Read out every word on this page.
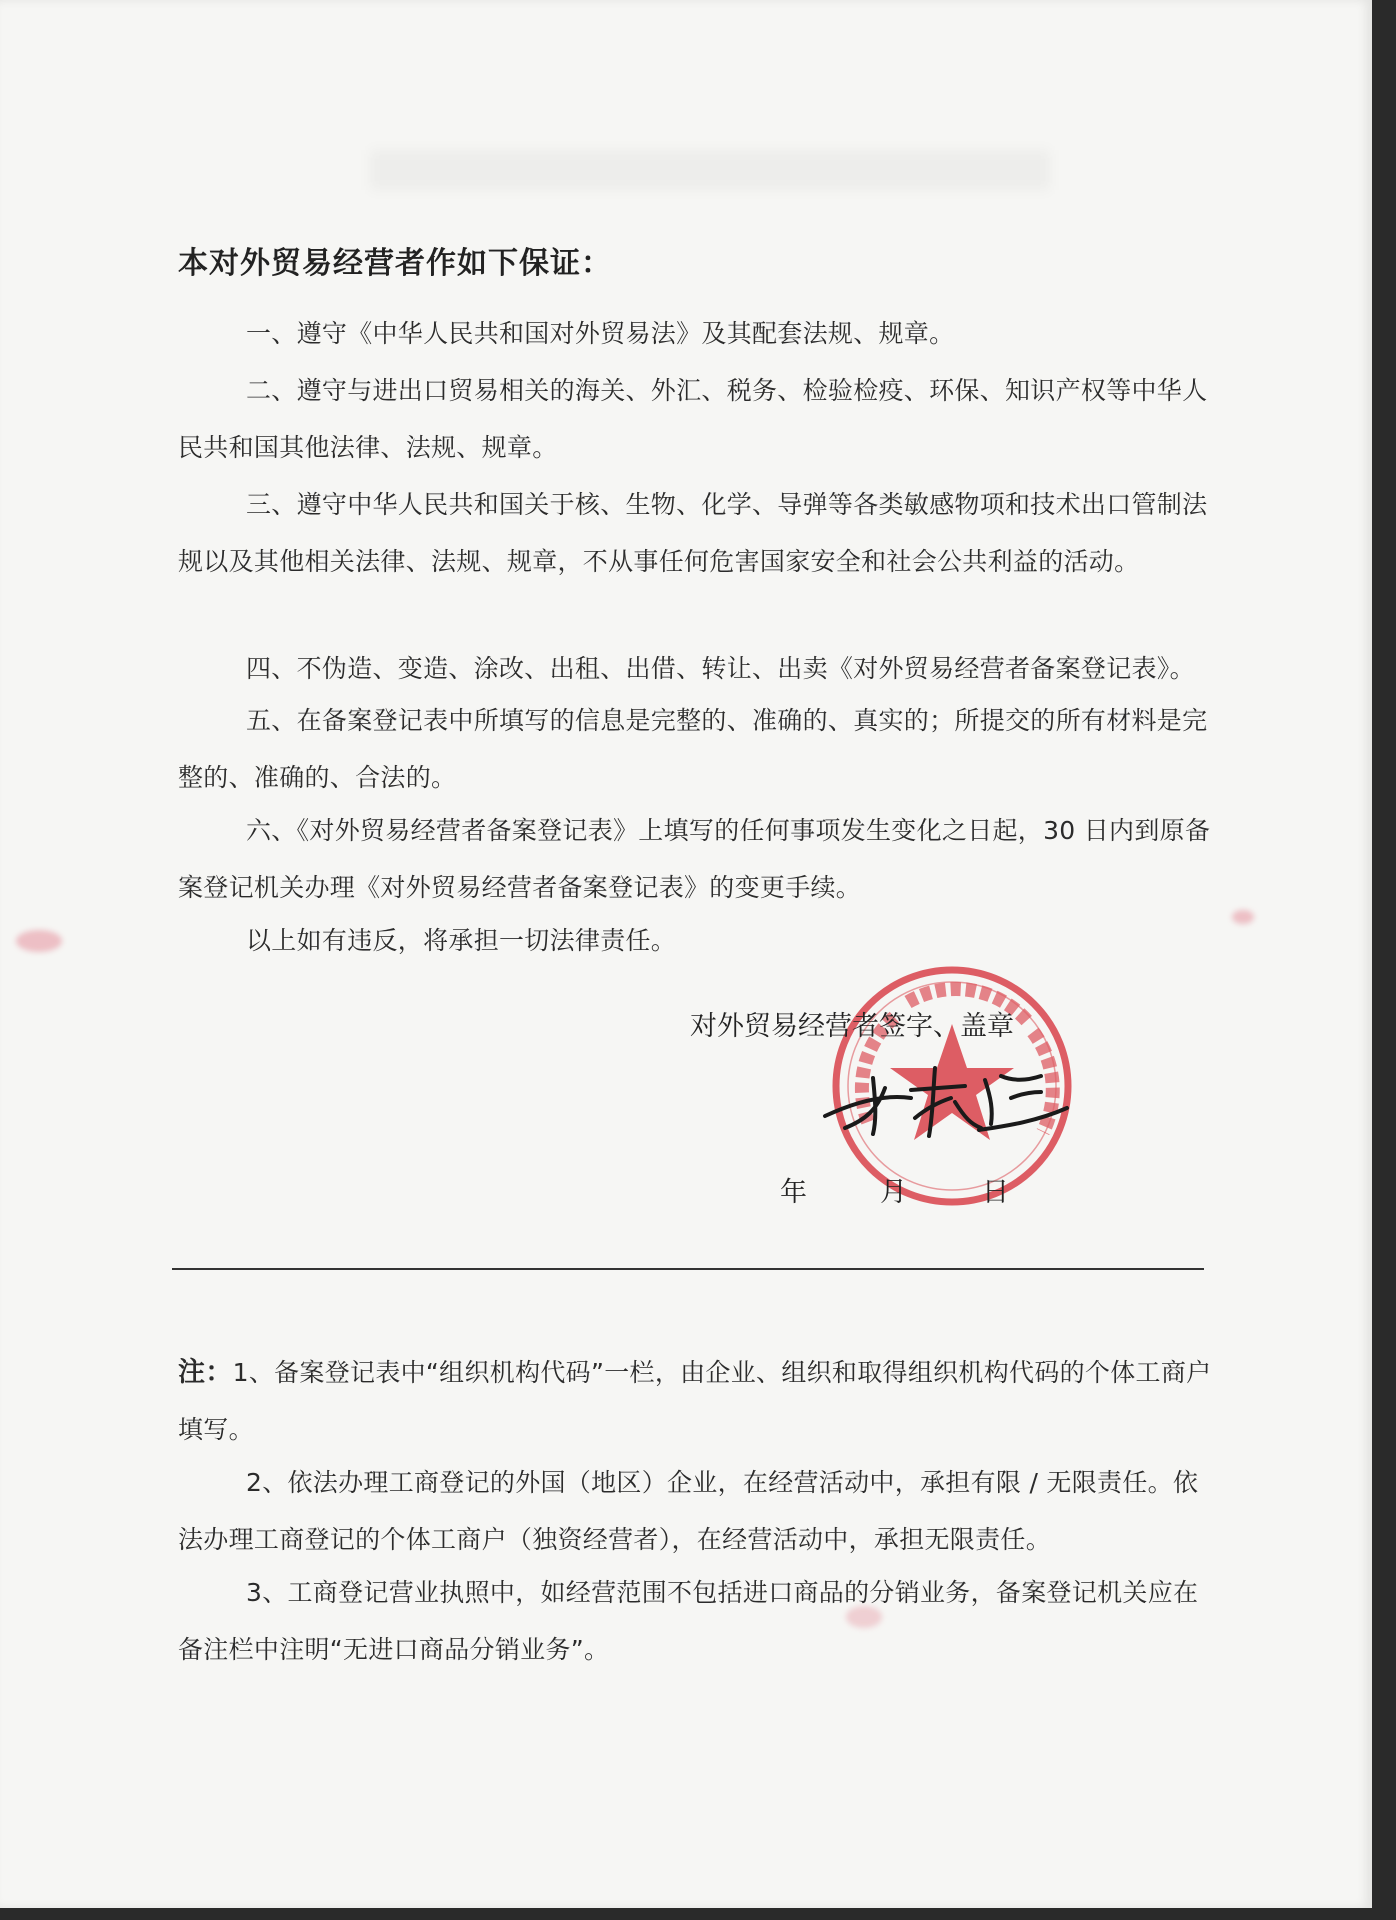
本对外贸易经营者作如下保证：

一、遵守《中华人民共和国对外贸易法》及其配套法规、规章。

二、遵守与进出口贸易相关的海关、外汇、税务、检验检疫、环保、知识产权等中华人民共和国其他法律、法规、规章。

三、遵守中华人民共和国关于核、生物、化学、导弹等各类敏感物项和技术出口管制法规以及其他相关法律、法规、规章，不从事任何危害国家安全和社会公共利益的活动。

四、不伪造、变造、涂改、出租、出借、转让、出卖《对外贸易经营者备案登记表》。

五、在备案登记表中所填写的信息是完整的、准确的、真实的；所提交的所有材料是完整的、准确的、合法的。

六、《对外贸易经营者备案登记表》上填写的任何事项发生变化之日起，30 日内到原备案登记机关办理《对外贸易经营者备案登记表》的变更手续。

以上如有违反，将承担一切法律责任。

对外贸易经营者签字、盖章

年	月	日

注：1、备案登记表中“组织机构代码”一栏，由企业、组织和取得组织机构代码的个体工商户填写。

2、依法办理工商登记的外国（地区）企业，在经营活动中，承担有限 / 无限责任。依法办理工商登记的个体工商户（独资经营者），在经营活动中，承担无限责任。

3、工商登记营业执照中，如经营范围不包括进口商品的分销业务，备案登记机关应在备注栏中注明“无进口商品分销业务”。
